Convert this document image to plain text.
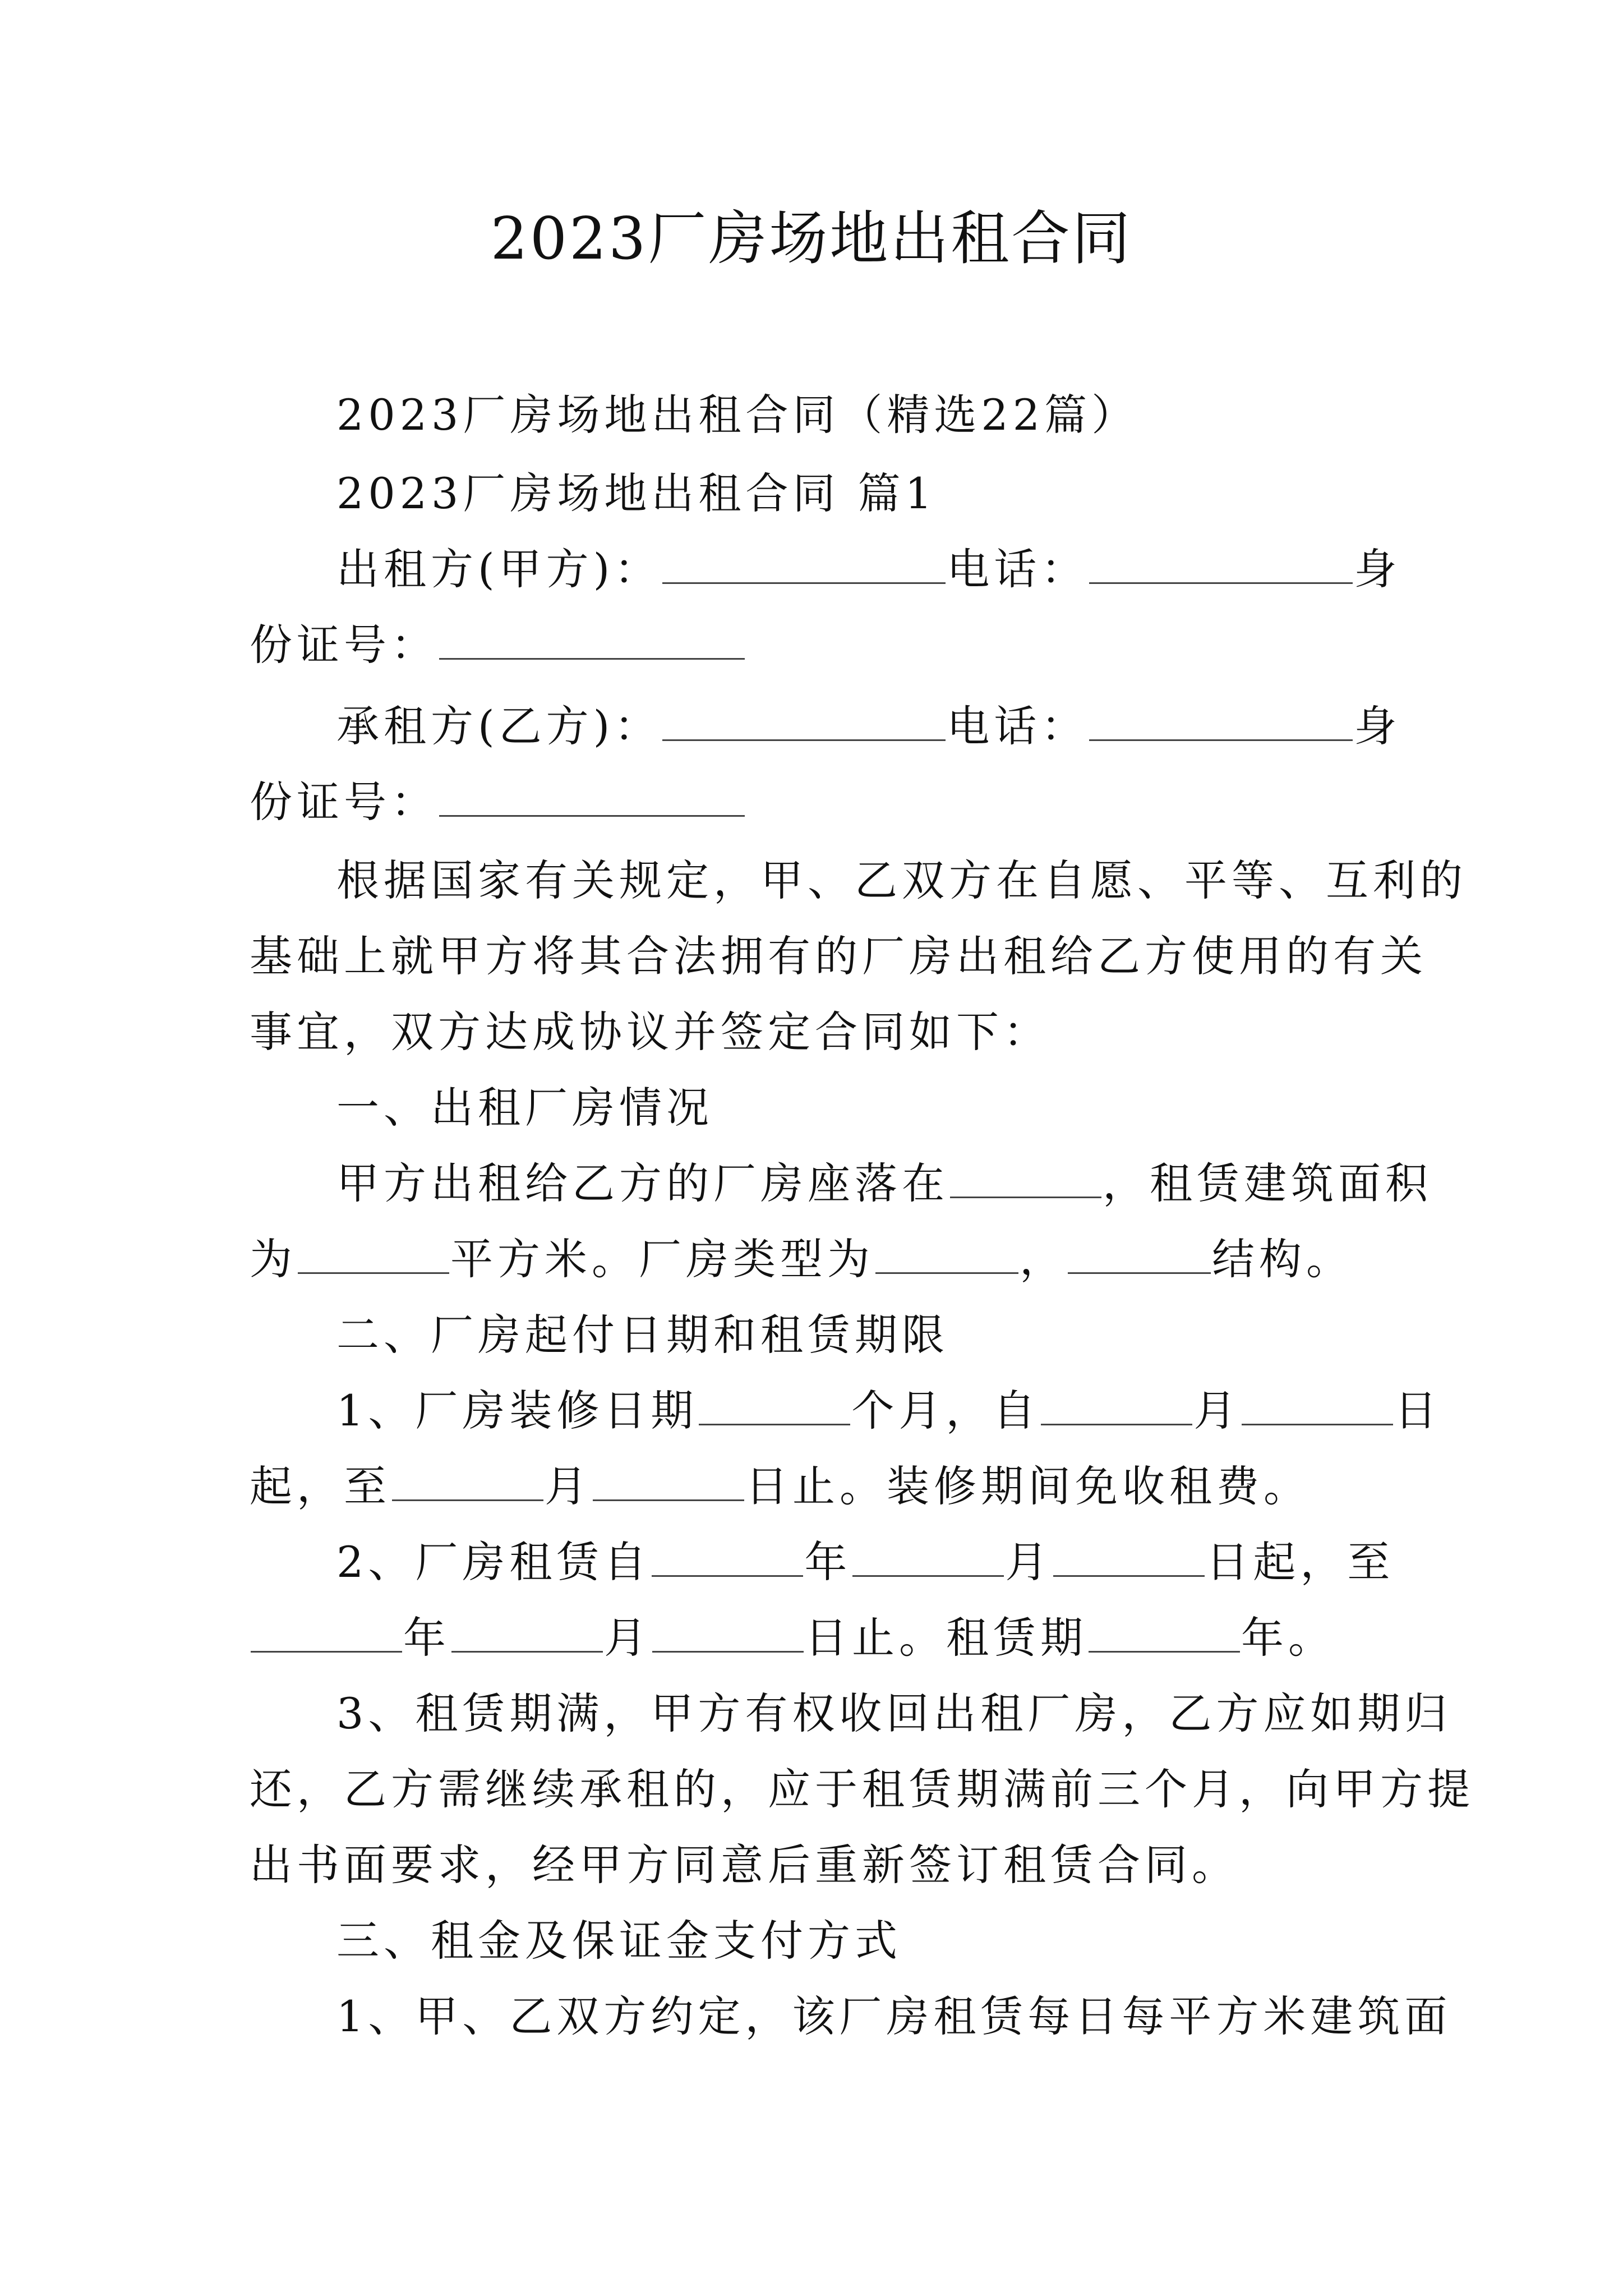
2023厂房场地出租合同

2023厂房场地出租合同（精选22篇）

2023厂房场地出租合同 篇1

出租方(甲方)：	电话：	身

份证号：

承租方(乙方)：	电话：	身

份证号：

根据国家有关规定，甲、乙双方在自愿、平等、互利的

基础上就甲方将其合法拥有的厂房出租给乙方使用的有关

事宜，双方达成协议并签定合同如下：

一、出租厂房情况

甲方出租给乙方的厂房座落在	，租赁建筑面积

为	平方米。厂房类型为	，	结构。

二、厂房起付日期和租赁期限

1、厂房装修日期	个月，自	月	日

起，至	月	日止。装修期间免收租费。

2、厂房租赁自	年	月	日起，至

年	月	日止。租赁期	年。

3、租赁期满，甲方有权收回出租厂房，乙方应如期归

还，乙方需继续承租的，应于租赁期满前三个月，向甲方提

出书面要求，经甲方同意后重新签订租赁合同。

三、租金及保证金支付方式

1、甲、乙双方约定，该厂房租赁每日每平方米建筑面
